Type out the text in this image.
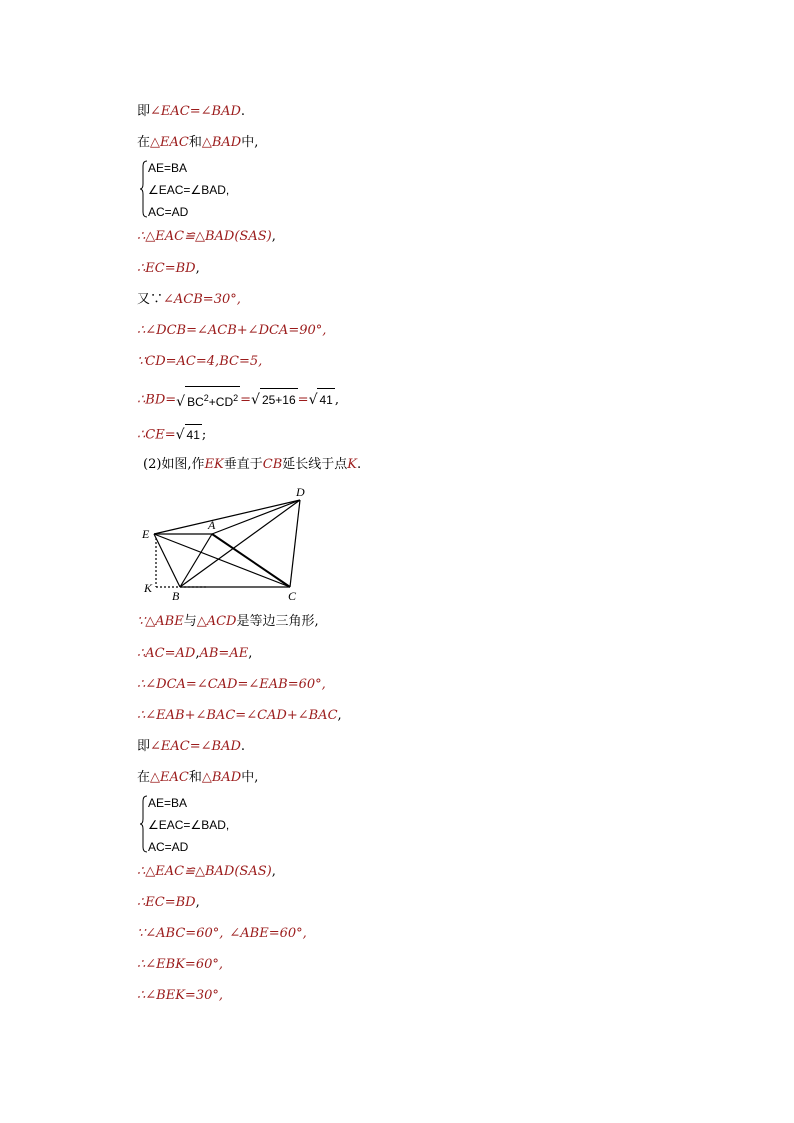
即∠EAC=∠BAD.
在△EAC和△BAD中,
AE=BA
∠EAC=∠BAD,
AC=AD
∴△EAC≌△BAD(SAS),
∴EC=BD,
又∵∠ACB=30°,
∴∠DCB=∠ACB+∠DCA=90°,
∵CD=AC=4,BC=5,
∴BD=√ $BC^2+CD^2$ =√ 25+16 =√ 41 ,
∴CE=√ 41 ;
(2)如图,作EK垂直于CB延长线于点K.
D
A
E
K
B	C
∵△ABE与△ACD是等边三角形,
∴AC=AD,AB=AE,
∴∠DCA=∠CAD=∠EAB=60°,
∴∠EAB+∠BAC=∠CAD+∠BAC,
即∠EAC=∠BAD.
在△EAC和△BAD中,
AE=BA
∠EAC=∠BAD,
AC=AD
∴△EAC≌△BAD(SAS),
∴EC=BD,
∵∠ABC=60°, ∠ABE=60°,
∴∠EBK=60°,
∴∠BEK=30°,
